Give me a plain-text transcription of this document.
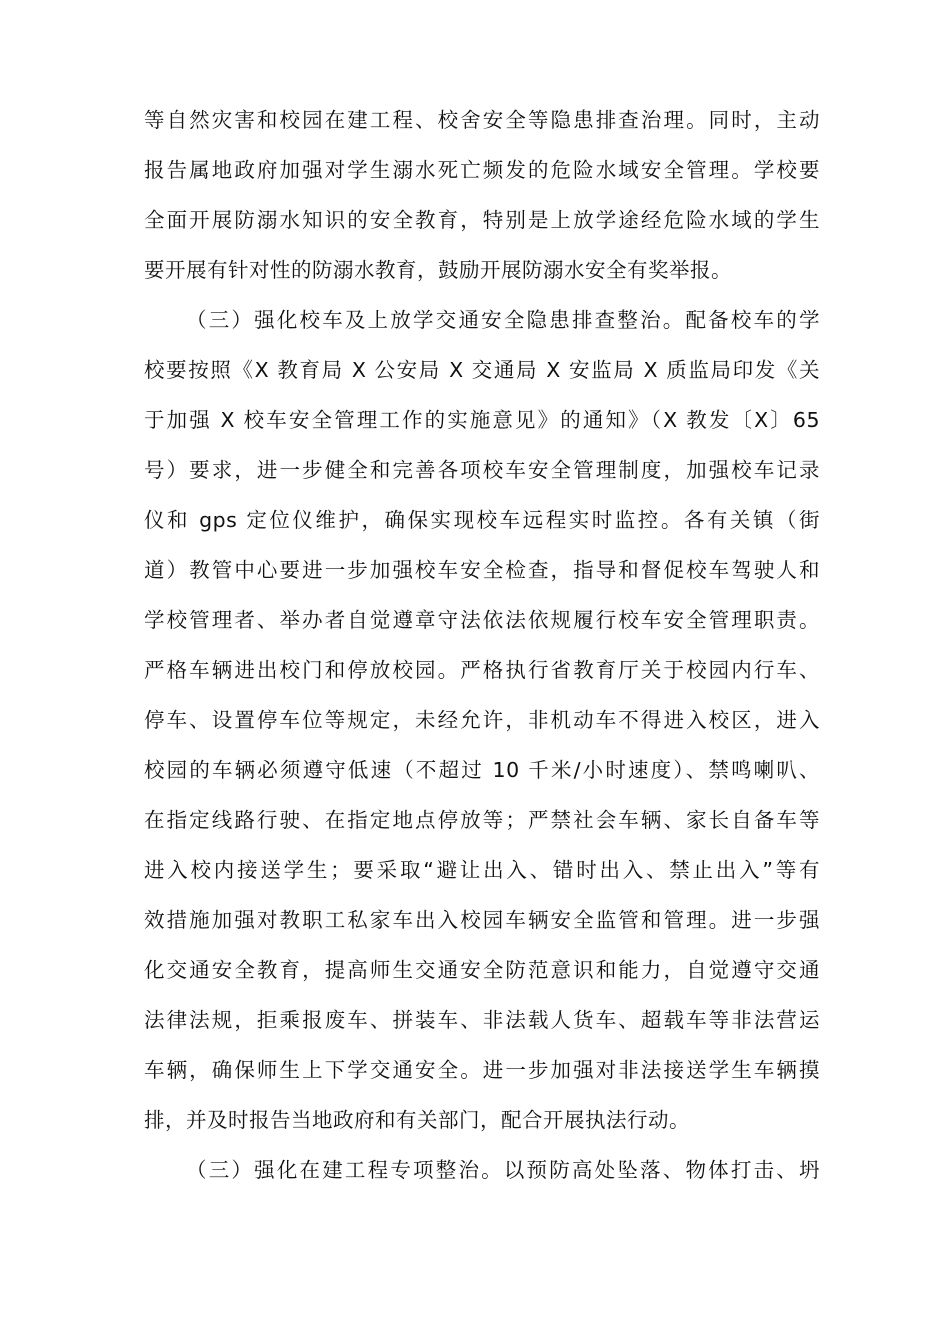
等自然灾害和校园在建工程、校舍安全等隐患排查治理。同时，主动
报告属地政府加强对学生溺水死亡频发的危险水域安全管理。学校要
全面开展防溺水知识的安全教育，特别是上放学途经危险水域的学生
要开展有针对性的防溺水教育，鼓励开展防溺水安全有奖举报。
（三）强化校车及上放学交通安全隐患排查整治。配备校车的学
校要按照《X 教育局 X 公安局 X 交通局 X 安监局 X 质监局印发《关
于加强 X 校车安全管理工作的实施意见》的通知》（X 教发〔X〕65
号）要求，进一步健全和完善各项校车安全管理制度，加强校车记录
仪和 gps 定位仪维护，确保实现校车远程实时监控。各有关镇（街
道）教管中心要进一步加强校车安全检查，指导和督促校车驾驶人和
学校管理者、举办者自觉遵章守法依法依规履行校车安全管理职责。
严格车辆进出校门和停放校园。严格执行省教育厅关于校园内行车、
停车、设置停车位等规定，未经允许，非机动车不得进入校区，进入
校园的车辆必须遵守低速（不超过 10 千米/小时速度）、禁鸣喇叭、
在指定线路行驶、在指定地点停放等；严禁社会车辆、家长自备车等
进入校内接送学生；要采取“避让出入、错时出入、禁止出入”等有
效措施加强对教职工私家车出入校园车辆安全监管和管理。进一步强
化交通安全教育，提高师生交通安全防范意识和能力，自觉遵守交通
法律法规，拒乘报废车、拼装车、非法载人货车、超载车等非法营运
车辆，确保师生上下学交通安全。进一步加强对非法接送学生车辆摸
排，并及时报告当地政府和有关部门，配合开展执法行动。
（三）强化在建工程专项整治。以预防高处坠落、物体打击、坍
